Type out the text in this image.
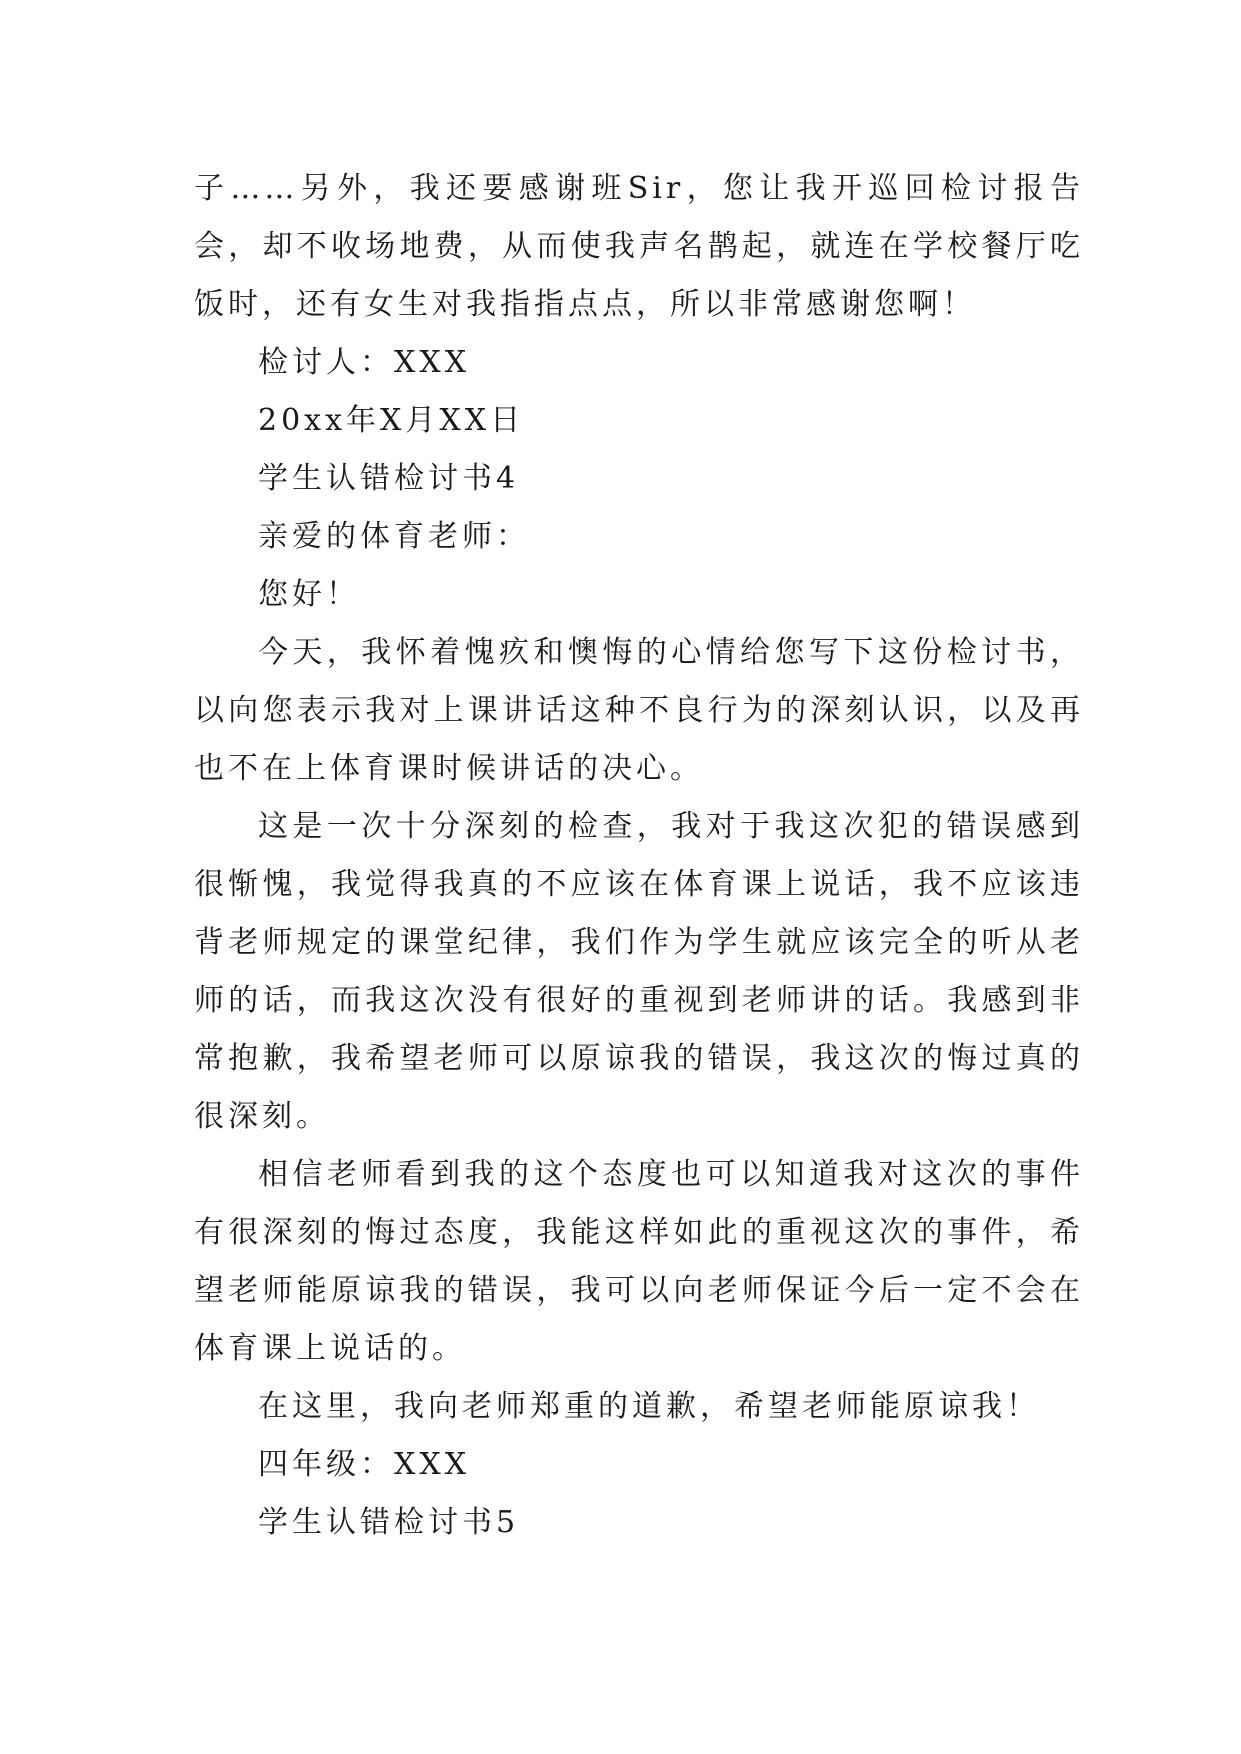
子……另外，我还要感谢班Sir，您让我开巡回检讨报告会，却不收场地费，从而使我声名鹊起，就连在学校餐厅吃饭时，还有女生对我指指点点，所以非常感谢您啊！

检讨人：XXX

20xx年X月XX日

学生认错检讨书4

亲爱的体育老师：

您好！

今天，我怀着愧疚和懊悔的心情给您写下这份检讨书，以向您表示我对上课讲话这种不良行为的深刻认识，以及再也不在上体育课时候讲话的决心。

这是一次十分深刻的检查，我对于我这次犯的错误感到很惭愧，我觉得我真的不应该在体育课上说话，我不应该违背老师规定的课堂纪律，我们作为学生就应该完全的听从老师的话，而我这次没有很好的重视到老师讲的话。我感到非常抱歉，我希望老师可以原谅我的错误，我这次的悔过真的很深刻。

相信老师看到我的这个态度也可以知道我对这次的事件有很深刻的悔过态度，我能这样如此的重视这次的事件，希望老师能原谅我的错误，我可以向老师保证今后一定不会在体育课上说话的。

在这里，我向老师郑重的道歉，希望老师能原谅我！

四年级：XXX

学生认错检讨书5
